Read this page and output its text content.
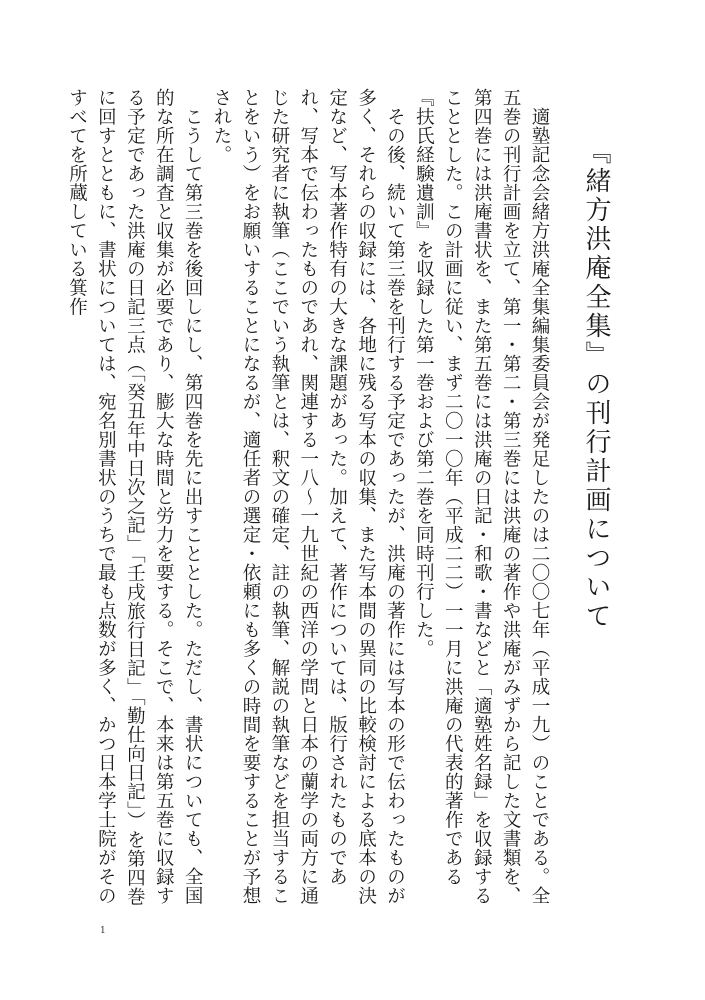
『緒方洪庵全集』の刊行計画について

適塾記念会緒方洪庵全集編集委員会が発足したのは二〇〇七年（平成一九）のことである。全五巻の刊行計画を立て、第一・第二・第三巻には洪庵の著作や洪庵がみずから記した文書類を、第四巻には洪庵書状を、また第五巻には洪庵の日記・和歌・書などと「適塾姓名録」を収録することとした。この計画に従い、まず二〇一〇年（平成二二）一一月に洪庵の代表的著作である『扶氏経験遺訓』を収録した第一巻および第二巻を同時刊行した。

その後、続いて第三巻を刊行する予定であったが、洪庵の著作には写本の形で伝わったものが多く、それらの収録には、各地に残る写本の収集、また写本間の異同の比較検討による底本の決定など、写本著作特有の大きな課題があった。加えて、著作については、版行されたものであれ、写本で伝わったものであれ、関連する一八～一九世紀の西洋の学問と日本の蘭学の両方に通じた研究者に執筆（ここでいう執筆とは、釈文の確定、註の執筆、解説の執筆などを担当することをいう）をお願いすることになるが、適任者の選定・依頼にも多くの時間を要することが予想された。

こうして第三巻を後回しにし、第四巻を先に出すこととした。ただし、書状についても、全国的な所在調査と収集が必要であり、膨大な時間と労力を要する。そこで、本来は第五巻に収録する予定であった洪庵の日記三点（「癸丑年中日次之記」「壬戌旅行日記」「勤仕向日記」）を第四巻に回すとともに、書状については、宛名別書状のうちで最も点数が多く、かつ日本学士院がそのすべてを所蔵している箕作

1
